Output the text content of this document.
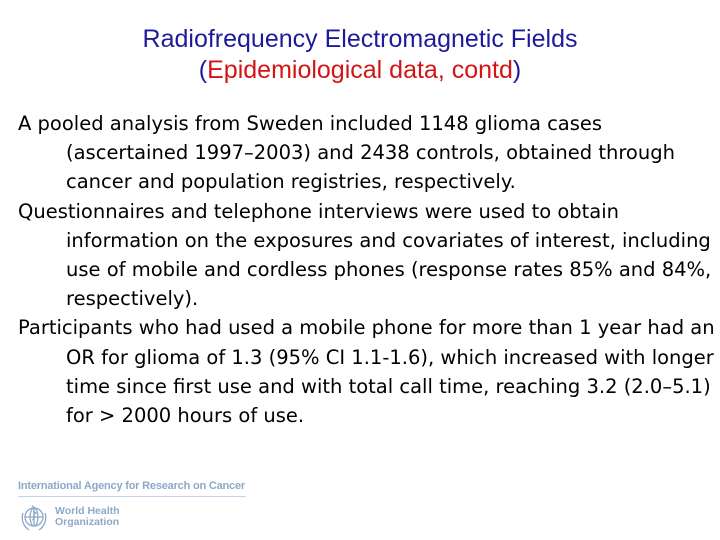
Radiofrequency Electromagnetic Fields
(Epidemiological data, contd)

A pooled analysis from Sweden included 1148 glioma cases (ascertained 1997–2003) and 2438 controls, obtained through cancer and population registries, respectively.

Questionnaires and telephone interviews were used to obtain information on the exposures and covariates of interest, including use of mobile and cordless phones (response rates 85% and 84%, respectively).

Participants who had used a mobile phone for more than 1 year had an OR for glioma of 1.3 (95% CI 1.1-1.6), which increased with longer time since first use and with total call time, reaching 3.2 (2.0–5.1) for > 2000 hours of use.

International Agency for Research on Cancer
World Health
Organization
